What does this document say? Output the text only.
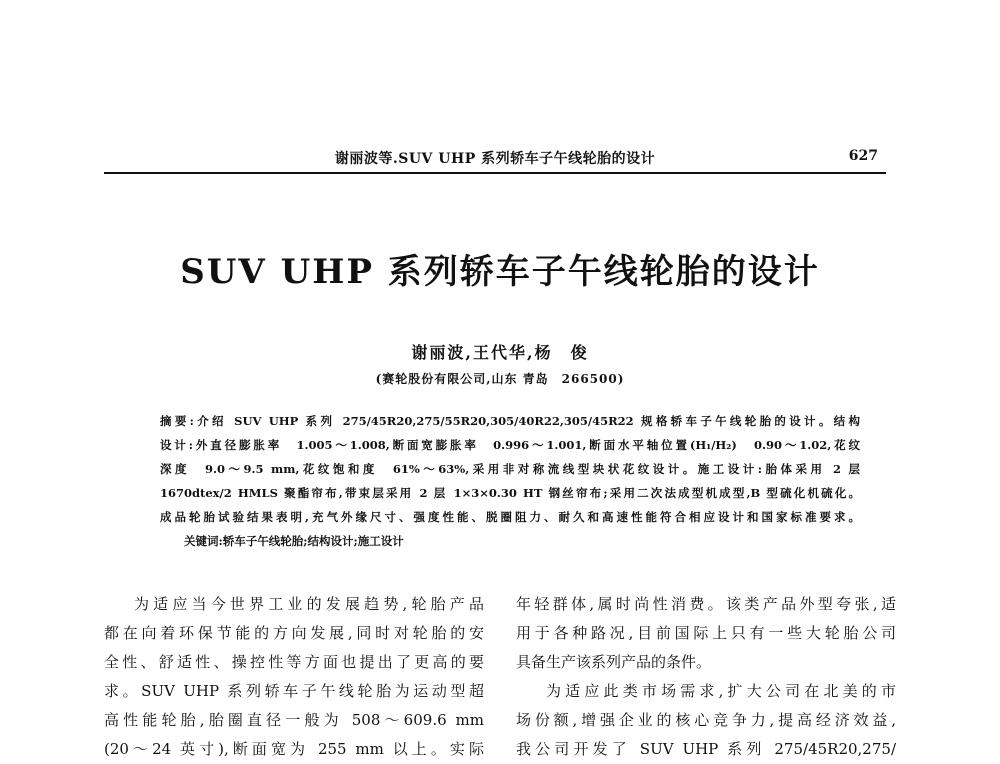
谢丽波等.SUV UHP 系列轿车子午线轮胎的设计	627
SUV UHP 系列轿车子午线轮胎的设计
谢丽波,王代华,杨　俊
(赛轮股份有限公司,山东 青岛　266500)
摘要:介绍 SUV UHP 系列 275/45R20,275/55R20,305/40R22,305/45R22 规格轿车子午线轮胎的设计。结构
设计:外直径膨胀率　1.005～1.008,断面宽膨胀率　0.996～1.001,断面水平轴位置(H₁/H₂)　0.90～1.02,花纹
深度　9.0～9.5 mm,花纹饱和度　61%～63%,采用非对称流线型块状花纹设计。施工设计:胎体采用 2 层
1670dtex/2 HMLS 聚酯帘布,带束层采用 2 层 1×3×0.30 HT 钢丝帘布;采用二次法成型机成型,B 型硫化机硫化。
成品轮胎试验结果表明,充气外缘尺寸、强度性能、脱圈阻力、耐久和高速性能符合相应设计和国家标准要求。
关键词:轿车子午线轮胎;结构设计;施工设计
为适应当今世界工业的发展趋势,轮胎产品
都在向着环保节能的方向发展,同时对轮胎的安
全性、舒适性、操控性等方面也提出了更高的要
求。SUV UHP 系列轿车子午线轮胎为运动型超
高性能轮胎,胎圈直径一般为 508～609.6 mm
(20～24 英寸),断面宽为 255 mm 以上。实际
年轻群体,属时尚性消费。该类产品外型夸张,适
用于各种路况,目前国际上只有一些大轮胎公司
具备生产该系列产品的条件。
为适应此类市场需求,扩大公司在北美的市
场份额,增强企业的核心竞争力,提高经济效益,
我公司开发了 SUV UHP 系列 275/45R20,275/
